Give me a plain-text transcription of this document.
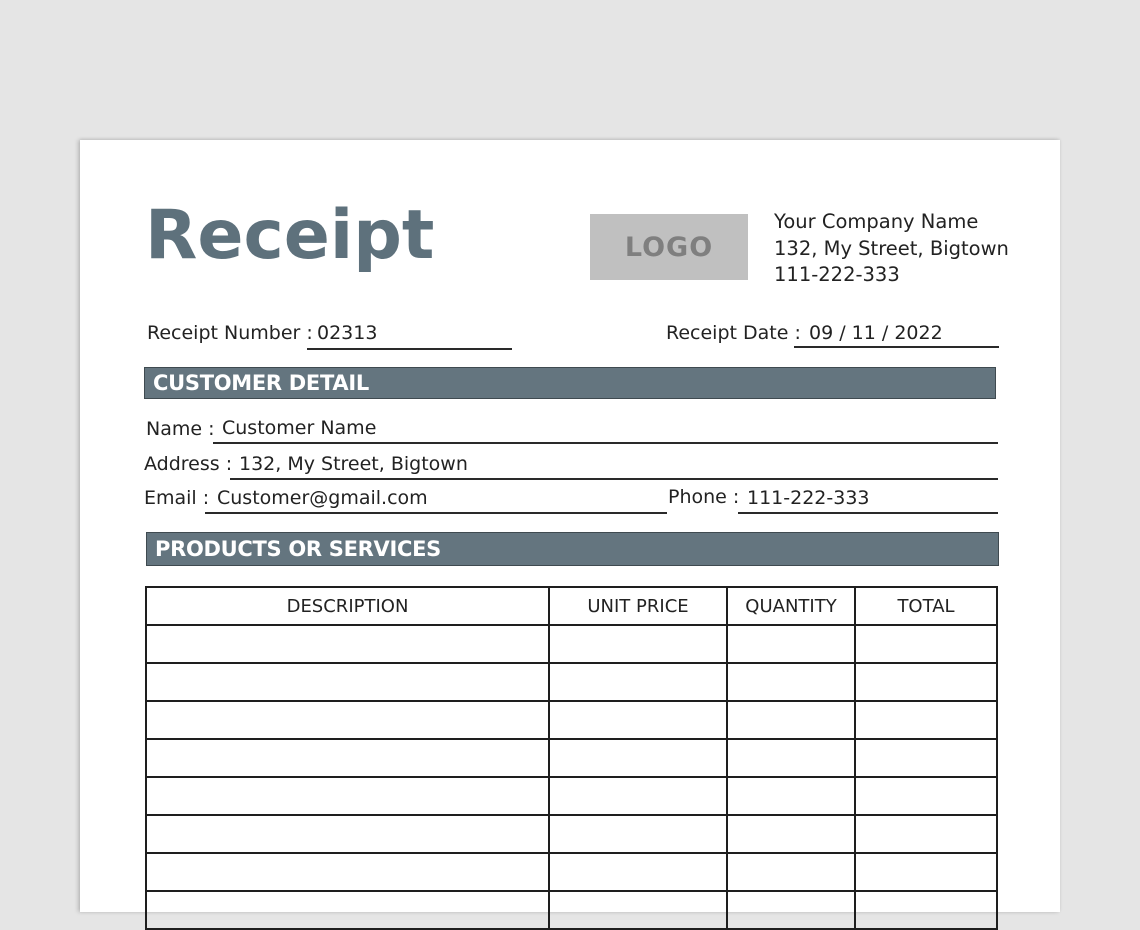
Receipt	LOGO
Your Company Name
132, My Street, Bigtown
111-222-333
Receipt Number : 02313	Receipt Date : 09 / 11 / 2022
CUSTOMER DETAIL
Name : Customer Name
Address : 132, My Street, Bigtown
Email : Customer@gmail.com	Phone : 111-222-333
PRODUCTS OR SERVICES
DESCRIPTION	UNIT PRICE	QUANTITY	TOTAL
